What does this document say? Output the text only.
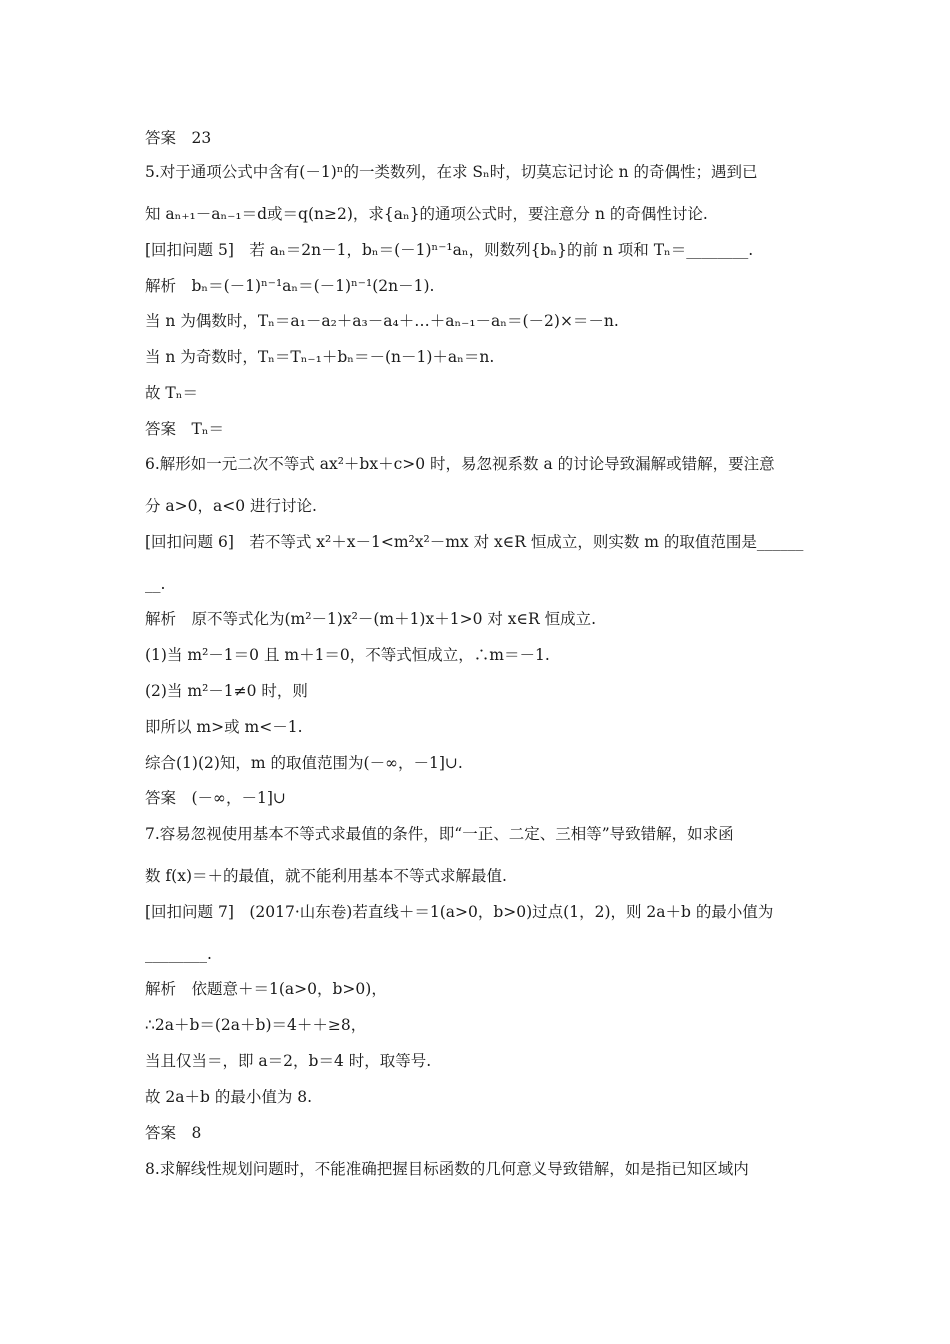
答案　23
5.对于通项公式中含有(－1)ⁿ的一类数列，在求 Sₙ时，切莫忘记讨论 n 的奇偶性；遇到已
知 aₙ₊₁－aₙ₋₁＝d或＝q(n≥2)，求{aₙ}的通项公式时，要注意分 n 的奇偶性讨论.
[回扣问题 5]　若 aₙ＝2n－1，bₙ＝(－1)ⁿ⁻¹aₙ，则数列{bₙ}的前 n 项和 Tₙ＝________.
解析　bₙ＝(－1)ⁿ⁻¹aₙ＝(－1)ⁿ⁻¹(2n－1).
当 n 为偶数时，Tₙ＝a₁－a₂＋a₃－a₄＋…＋aₙ₋₁－aₙ＝(－2)×＝－n.
当 n 为奇数时，Tₙ＝Tₙ₋₁＋bₙ＝－(n－1)＋aₙ＝n.
故 Tₙ＝
答案　Tₙ＝
6.解形如一元二次不等式 ax²＋bx＋c>0 时，易忽视系数 a 的讨论导致漏解或错解，要注意
分 a>0，a<0 进行讨论.
[回扣问题 6]　若不等式 x²＋x－1<m²x²－mx 对 x∈R 恒成立，则实数 m 的取值范围是______
__.
解析　原不等式化为(m²－1)x²－(m＋1)x＋1>0 对 x∈R 恒成立.
(1)当 m²－1＝0 且 m＋1＝0，不等式恒成立，∴m＝－1.
(2)当 m²－1≠0 时，则
即所以 m>或 m<－1.
综合(1)(2)知，m 的取值范围为(－∞，－1]∪.
答案　(－∞，－1]∪
7.容易忽视使用基本不等式求最值的条件，即“一正、二定、三相等”导致错解，如求函
数 f(x)＝＋的最值，就不能利用基本不等式求解最值.
[回扣问题 7]　(2017·山东卷)若直线＋＝1(a>0，b>0)过点(1，2)，则 2a＋b 的最小值为
________.
解析　依题意＋＝1(a>0，b>0)，
∴2a＋b＝(2a＋b)＝4＋＋≥8，
当且仅当＝，即 a＝2，b＝4 时，取等号.
故 2a＋b 的最小值为 8.
答案　8
8.求解线性规划问题时，不能准确把握目标函数的几何意义导致错解，如是指已知区域内
